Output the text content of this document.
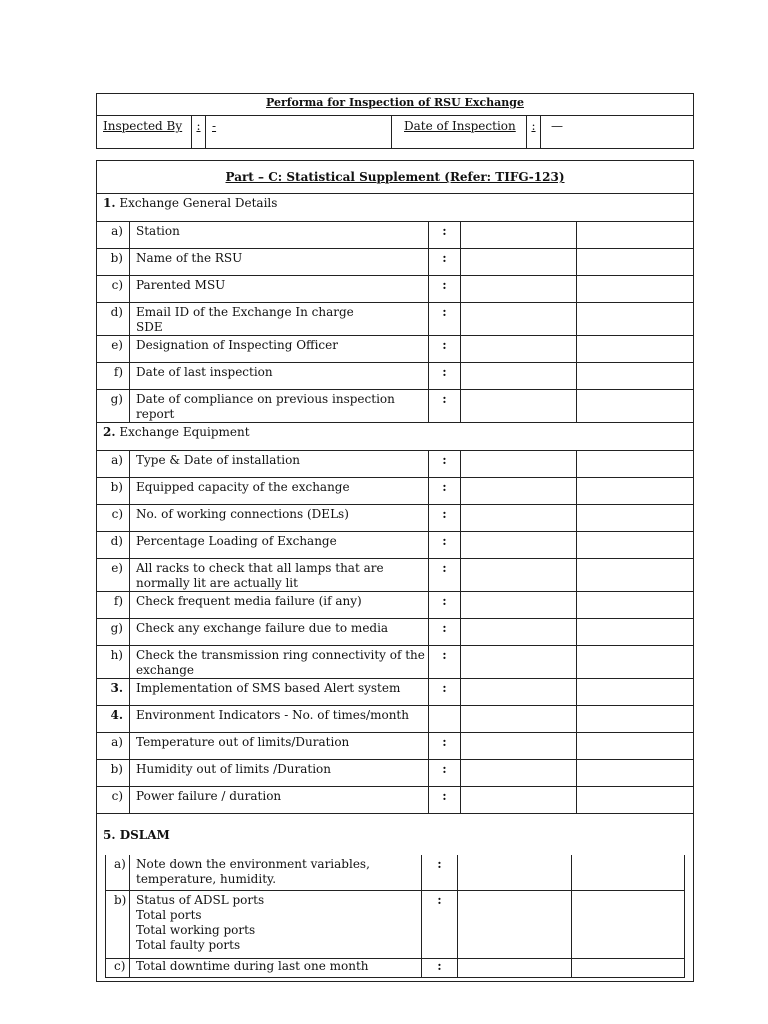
Performa for Inspection of RSU Exchange
Inspected By	:	-	Date of Inspection	:	—
Part – C: Statistical Supplement (Refer: TIFG-123)
1. Exchange General Details
a)	Station	:		
b)	Name of the RSU	:		
c)	Parented MSU	:		
d)	Email ID of the Exchange In charge SDE	:		
e)	Designation of Inspecting Officer	:		
f)	Date of last inspection	:		
g)	Date of compliance on previous inspection report	:		
2. Exchange Equipment
a)	Type & Date of installation	:		
b)	Equipped capacity of the exchange	:		
c)	No. of working connections (DELs)	:		
d)	Percentage Loading of Exchange	:		
e)	All racks to check that all lamps that are normally lit are actually lit	:		
f)	Check frequent media failure (if any)	:		
g)	Check any exchange failure due to media	:		
h)	Check the transmission ring connectivity of the exchange	:		
3.	Implementation of SMS based Alert system	:		
4.	Environment Indicators - No. of times/month			
a)	Temperature out of limits/Duration	:		
b)	Humidity out of limits /Duration	:		
c)	Power failure / duration	:		
5. DSLAM

a)	Note down the environment variables,
temperature, humidity.
	:		
b)	Status of ADSL ports
Total ports
Total working ports
Total faulty ports
	:		
c)	Total downtime during last one month	:		
